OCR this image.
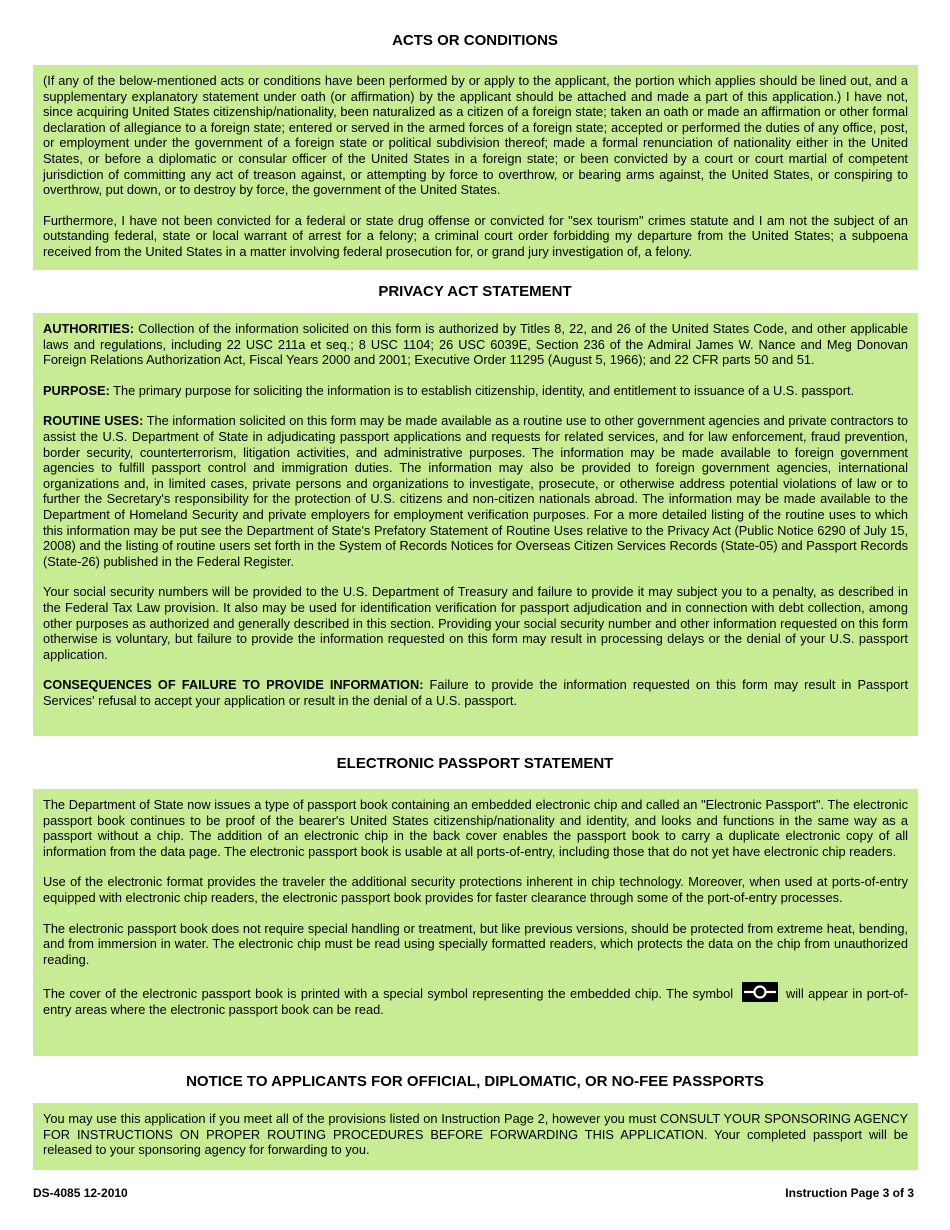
ACTS OR CONDITIONS

(If any of the below-mentioned acts or conditions have been performed by or apply to the applicant, the portion which applies should be lined out, and a supplementary explanatory statement under oath (or affirmation) by the applicant should be attached and made a part of this application.) I have not, since acquiring United States citizenship/nationality, been naturalized as a citizen of a foreign state; taken an oath or made an affirmation or other formal declaration of allegiance to a foreign state; entered or served in the armed forces of a foreign state; accepted or performed the duties of any office, post, or employment under the government of a foreign state or political subdivision thereof; made a formal renunciation of nationality either in the United States, or before a diplomatic or consular officer of the United States in a foreign state; or been convicted by a court or court martial of competent jurisdiction of committing any act of treason against, or attempting by force to overthrow, or bearing arms against, the United States, or conspiring to overthrow, put down, or to destroy by force, the government of the United States.

Furthermore, I have not been convicted for a federal or state drug offense or convicted for "sex tourism" crimes statute and I am not the subject of an outstanding federal, state or local warrant of arrest for a felony; a criminal court order forbidding my departure from the United States; a subpoena received from the United States in a matter involving federal prosecution for, or grand jury investigation of, a felony.

PRIVACY ACT STATEMENT

AUTHORITIES: Collection of the information solicited on this form is authorized by Titles 8, 22, and 26 of the United States Code, and other applicable laws and regulations, including 22 USC 211a et seq.; 8 USC 1104; 26 USC 6039E, Section 236 of the Admiral James W. Nance and Meg Donovan Foreign Relations Authorization Act, Fiscal Years 2000 and 2001; Executive Order 11295 (August 5, 1966); and 22 CFR parts 50 and 51.

PURPOSE: The primary purpose for soliciting the information is to establish citizenship, identity, and entitlement to issuance of a U.S. passport.

ROUTINE USES: The information solicited on this form may be made available as a routine use to other government agencies and private contractors to assist the U.S. Department of State in adjudicating passport applications and requests for related services, and for law enforcement, fraud prevention, border security, counterterrorism, litigation activities, and administrative purposes. The information may be made available to foreign government agencies to fulfill passport control and immigration duties. The information may also be provided to foreign government agencies, international organizations and, in limited cases, private persons and organizations to investigate, prosecute, or otherwise address potential violations of law or to further the Secretary's responsibility for the protection of U.S. citizens and non-citizen nationals abroad. The information may be made available to the Department of Homeland Security and private employers for employment verification purposes. For a more detailed listing of the routine uses to which this information may be put see the Department of State's Prefatory Statement of Routine Uses relative to the Privacy Act (Public Notice 6290 of July 15, 2008) and the listing of routine users set forth in the System of Records Notices for Overseas Citizen Services Records (State-05) and Passport Records (State-26) published in the Federal Register.

Your social security numbers will be provided to the U.S. Department of Treasury and failure to provide it may subject you to a penalty, as described in the Federal Tax Law provision. It also may be used for identification verification for passport adjudication and in connection with debt collection, among other purposes as authorized and generally described in this section. Providing your social security number and other information requested on this form otherwise is voluntary, but failure to provide the information requested on this form may result in processing delays or the denial of your U.S. passport application.

CONSEQUENCES OF FAILURE TO PROVIDE INFORMATION: Failure to provide the information requested on this form may result in Passport Services' refusal to accept your application or result in the denial of a U.S. passport.

ELECTRONIC PASSPORT STATEMENT

The Department of State now issues a type of passport book containing an embedded electronic chip and called an "Electronic Passport". The electronic passport book continues to be proof of the bearer's United States citizenship/nationality and identity, and looks and functions in the same way as a passport without a chip. The addition of an electronic chip in the back cover enables the passport book to carry a duplicate electronic copy of all information from the data page. The electronic passport book is usable at all ports-of-entry, including those that do not yet have electronic chip readers.

Use of the electronic format provides the traveler the additional security protections inherent in chip technology. Moreover, when used at ports-of-entry equipped with electronic chip readers, the electronic passport book provides for faster clearance through some of the port-of-entry processes.

The electronic passport book does not require special handling or treatment, but like previous versions, should be protected from extreme heat, bending, and from immersion in water. The electronic chip must be read using specially formatted readers, which protects the data on the chip from unauthorized reading.

The cover of the electronic passport book is printed with a special symbol representing the embedded chip. The symbol	will appear in port-of-entry areas where the electronic passport book can be read.

NOTICE TO APPLICANTS FOR OFFICIAL, DIPLOMATIC, OR NO-FEE PASSPORTS

You may use this application if you meet all of the provisions listed on Instruction Page 2, however you must CONSULT YOUR SPONSORING AGENCY FOR INSTRUCTIONS ON PROPER ROUTING PROCEDURES BEFORE FORWARDING THIS APPLICATION. Your completed passport will be released to your sponsoring agency for forwarding to you.

DS-4085 12-2010	Instruction Page 3 of 3
